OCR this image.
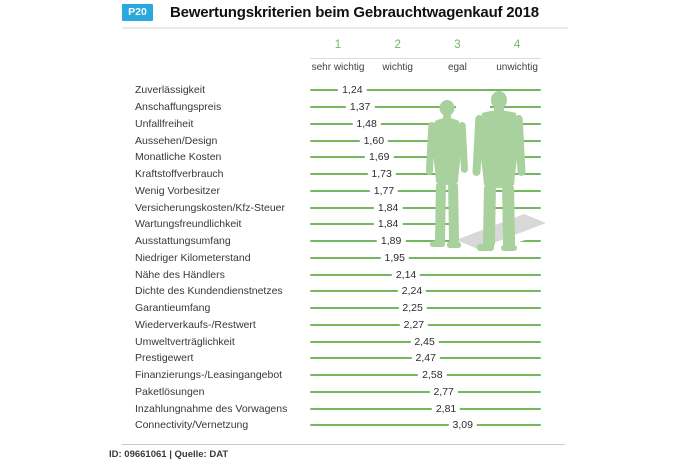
P20	Bewertungskriterien beim Gebrauchtwagenkauf 2018
1
sehr wichtig
2
wichtig
3
egal
4
unwichtig
Zuverlässigkeit	1,24
Anschaffungspreis	1,37
Unfallfreiheit	1,48
Aussehen/Design	1,60
Monatliche Kosten	1,69
Kraftstoffverbrauch	1,73
Wenig Vorbesitzer	1,77
Versicherungskosten/Kfz-Steuer	1,84
Wartungsfreundlichkeit	1,84
Ausstattungsumfang	1,89
Niedriger Kilometerstand	1,95
Nähe des Händlers	2,14
Dichte des Kundendienstnetzes	2,24
Garantieumfang	2,25
Wiederverkaufs-/Restwert	2,27
Umweltverträglichkeit	2,45
Prestigewert	2,47
Finanzierungs-/Leasingangebot	2,58
Paketlösungen	2,77
Inzahlungnahme des Vorwagens	2,81
Connectivity/Vernetzung	3,09
ID: 09661061 | Quelle: DAT
